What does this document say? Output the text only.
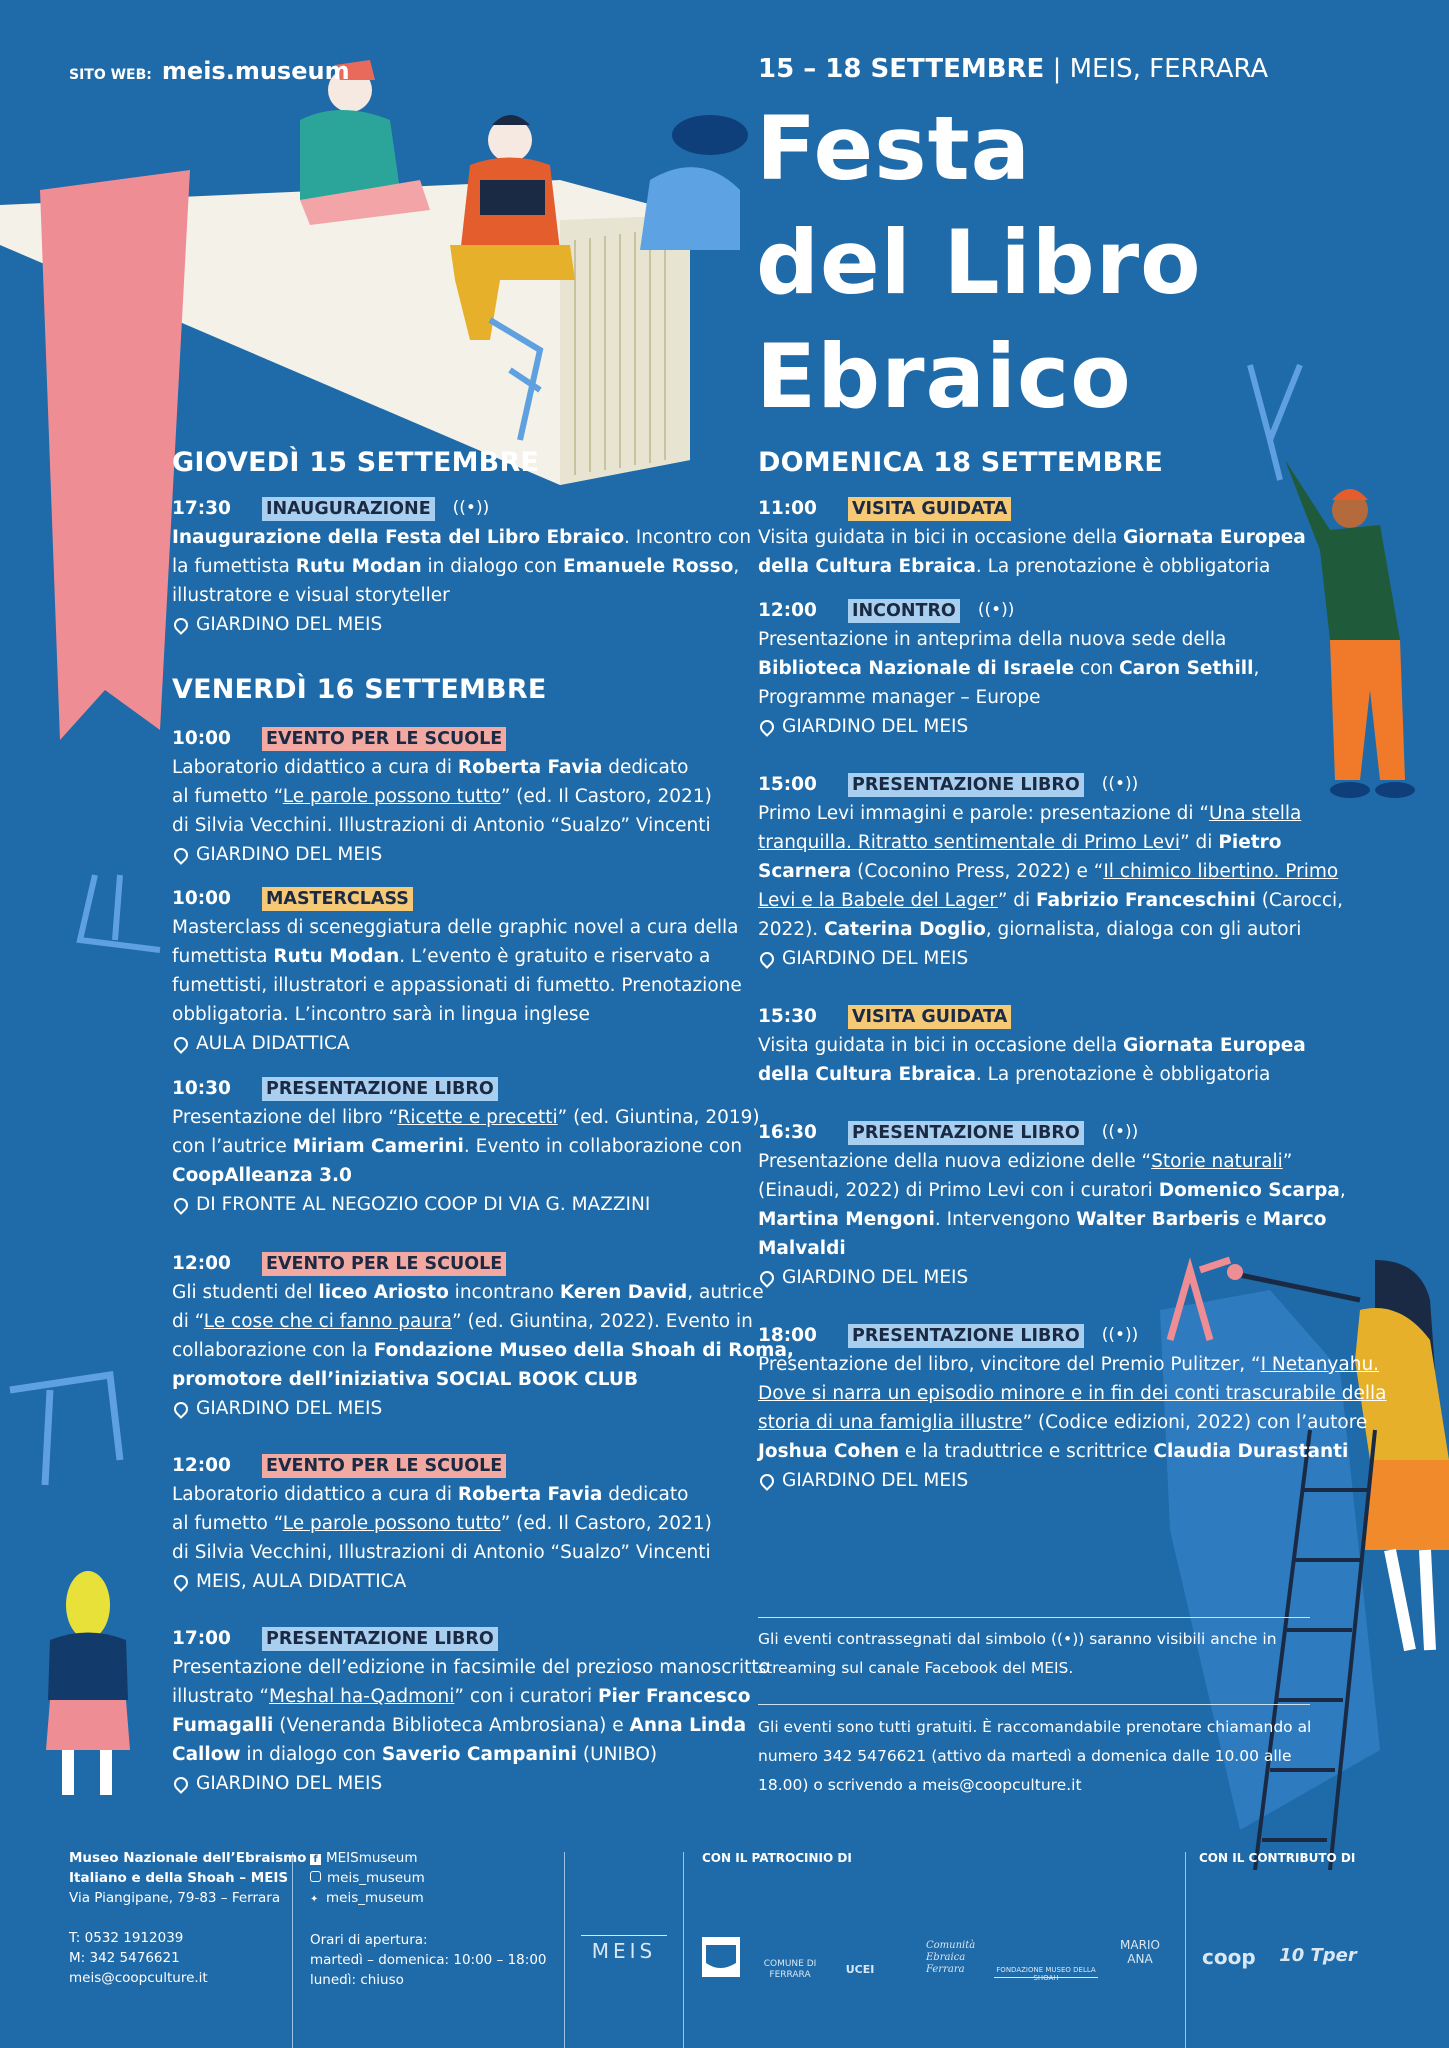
SITO WEB: meis.museum	15 – 18 SETTEMBRE | MEIS, FERRARA
Festa
del Libro
Ebraico
GIOVEDÌ 15 SETTEMBRE
17:30	INAUGURAZIONE ((•))
Inaugurazione della Festa del Libro Ebraico. Incontro con
la fumettista Rutu Modan in dialogo con Emanuele Rosso,
illustratore e visual storyteller
GIARDINO DEL MEIS
VENERDÌ 16 SETTEMBRE
10:00	EVENTO PER LE SCUOLE
Laboratorio didattico a cura di Roberta Favia dedicato
al fumetto “Le parole possono tutto” (ed. Il Castoro, 2021)
di Silvia Vecchini. Illustrazioni di Antonio “Sualzo” Vincenti
GIARDINO DEL MEIS
10:00	MASTERCLASS
Masterclass di sceneggiatura delle graphic novel a cura della
fumettista Rutu Modan. L’evento è gratuito e riservato a
fumettisti, illustratori e appassionati di fumetto. Prenotazione
obbligatoria. L’incontro sarà in lingua inglese
AULA DIDATTICA
10:30	PRESENTAZIONE LIBRO
Presentazione del libro “Ricette e precetti” (ed. Giuntina, 2019)
con l’autrice Miriam Camerini. Evento in collaborazione con
CoopAlleanza 3.0
DI FRONTE AL NEGOZIO COOP DI VIA G. MAZZINI
12:00	EVENTO PER LE SCUOLE
Gli studenti del liceo Ariosto incontrano Keren David, autrice
di “Le cose che ci fanno paura” (ed. Giuntina, 2022). Evento in
collaborazione con la Fondazione Museo della Shoah di Roma,
promotore dell’iniziativa SOCIAL BOOK CLUB
GIARDINO DEL MEIS
12:00	EVENTO PER LE SCUOLE
Laboratorio didattico a cura di Roberta Favia dedicato
al fumetto “Le parole possono tutto” (ed. Il Castoro, 2021)
di Silvia Vecchini, Illustrazioni di Antonio “Sualzo” Vincenti
MEIS, AULA DIDATTICA
17:00	PRESENTAZIONE LIBRO
Presentazione dell’edizione in facsimile del prezioso manoscritto
illustrato “Meshal ha-Qadmoni” con i curatori Pier Francesco
Fumagalli (Veneranda Biblioteca Ambrosiana) e Anna Linda
Callow in dialogo con Saverio Campanini (UNIBO)
GIARDINO DEL MEIS
DOMENICA 18 SETTEMBRE
11:00	VISITA GUIDATA
Visita guidata in bici in occasione della Giornata Europea
della Cultura Ebraica. La prenotazione è obbligatoria
12:00	INCONTRO ((•))
Presentazione in anteprima della nuova sede della
Biblioteca Nazionale di Israele con Caron Sethill,
Programme manager – Europe
GIARDINO DEL MEIS
15:00	PRESENTAZIONE LIBRO ((•))
Primo Levi immagini e parole: presentazione di “Una stella
tranquilla. Ritratto sentimentale di Primo Levi” di Pietro
Scarnera (Coconino Press, 2022) e “Il chimico libertino. Primo
Levi e la Babele del Lager” di Fabrizio Franceschini (Carocci,
2022). Caterina Doglio, giornalista, dialoga con gli autori
GIARDINO DEL MEIS
15:30	VISITA GUIDATA
Visita guidata in bici in occasione della Giornata Europea
della Cultura Ebraica. La prenotazione è obbligatoria
16:30	PRESENTAZIONE LIBRO ((•))
Presentazione della nuova edizione delle “Storie naturali”
(Einaudi, 2022) di Primo Levi con i curatori Domenico Scarpa,
Martina Mengoni. Intervengono Walter Barberis e Marco
Malvaldi
GIARDINO DEL MEIS
18:00	PRESENTAZIONE LIBRO ((•))
Presentazione del libro, vincitore del Premio Pulitzer, “I Netanyahu.
Dove si narra un episodio minore e in fin dei conti trascurabile della
storia di una famiglia illustre” (Codice edizioni, 2022) con l’autore
Joshua Cohen e la traduttrice e scrittrice Claudia Durastanti
GIARDINO DEL MEIS
Gli eventi contrassegnati dal simbolo ((•)) saranno visibili anche in
streaming sul canale Facebook del MEIS.
Gli eventi sono tutti gratuiti. È raccomandabile prenotare chiamando al
numero 342 5476621 (attivo da martedì a domenica dalle 10.00 alle
18.00) o scrivendo a meis@coopculture.it
Museo Nazionale dell’Ebraismo
Italiano e della Shoah – MEIS
Via Piangipane, 79-83 – Ferrara
T: 0532 1912039
M: 342 5476621
meis@coopculture.it
f MEISmuseum
meis_museum
✦ meis_museum
Orari di apertura:
martedì – domenica: 10:00 – 18:00
lunedì: chiuso
MEIS
CON IL PATROCINIO DI	CON IL CONTRIBUTO DI
COMUNE DI FERRARA	UCEI
Comunità Ebraica Ferrara	FONDAZIONE MUSEO DELLA SHOAH
MARIO ANA	coop	10 Tper
